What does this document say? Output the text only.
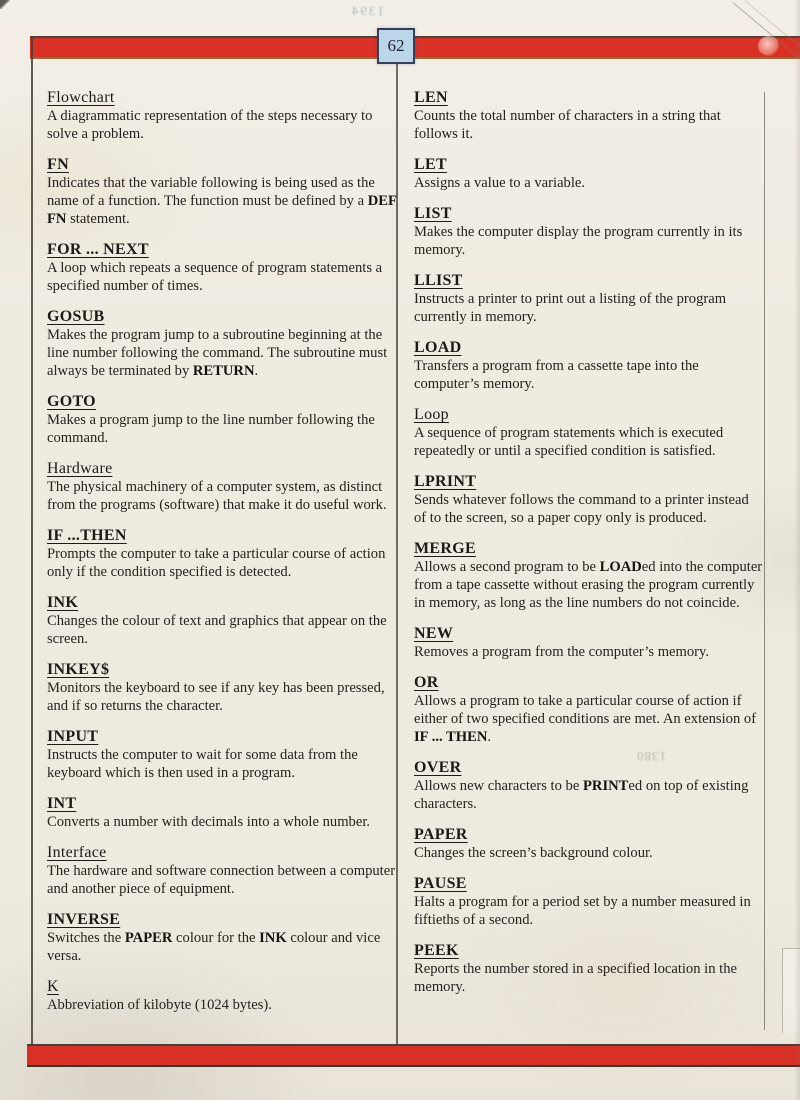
62
Flowchart
A diagrammatic representation of the steps necessary to solve a problem.
FN
Indicates that the variable following is being used as the name of a function. The function must be defined by a DEF FN statement.
FOR ... NEXT
A loop which repeats a sequence of program statements a specified number of times.
GOSUB
Makes the program jump to a subroutine beginning at the line number following the command. The subroutine must always be terminated by RETURN.
GOTO
Makes a program jump to the line number following the command.
Hardware
The physical machinery of a computer system, as distinct from the programs (software) that make it do useful work.
IF ...THEN
Prompts the computer to take a particular course of action only if the condition specified is detected.
INK
Changes the colour of text and graphics that appear on the screen.
INKEY$
Monitors the keyboard to see if any key has been pressed, and if so returns the character.
INPUT
Instructs the computer to wait for some data from the keyboard which is then used in a program.
INT
Converts a number with decimals into a whole number.
Interface
The hardware and software connection between a computer and another piece of equipment.
INVERSE
Switches the PAPER colour for the INK colour and vice versa.
K
Abbreviation of kilobyte (1024 bytes).
LEN
Counts the total number of characters in a string that follows it.
LET
Assigns a value to a variable.
LIST
Makes the computer display the program currently in its memory.
LLIST
Instructs a printer to print out a listing of the program currently in memory.
LOAD
Transfers a program from a cassette tape into the computer’s memory.
Loop
A sequence of program statements which is executed repeatedly or until a specified condition is satisfied.
LPRINT
Sends whatever follows the command to a printer instead of to the screen, so a paper copy only is produced.
MERGE
Allows a second program to be LOADed into the computer from a tape cassette without erasing the program currently in memory, as long as the line numbers do not coincide.
NEW
Removes a program from the computer’s memory.
OR
Allows a program to take a particular course of action if either of two specified conditions are met. An extension of IF ... THEN.
OVER
Allows new characters to be PRINTed on top of existing characters.
PAPER
Changes the screen’s background colour.
PAUSE
Halts a program for a period set by a number measured in fiftieths of a second.
PEEK
Reports the number stored in a specified location in the memory.
1394
1380
